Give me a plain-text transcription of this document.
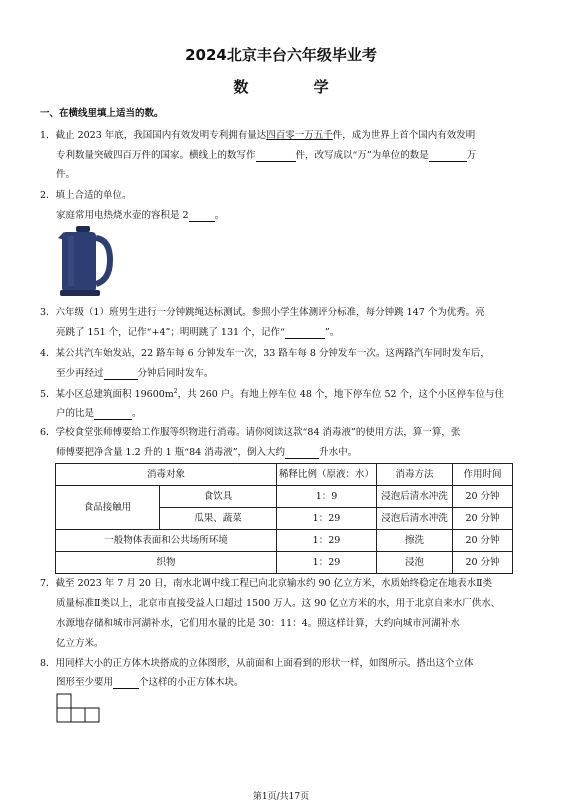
2024北京丰台六年级毕业考
数 学
一、在横线里填上适当的数。
1．截止 2023 年底，我国国内有效发明专利拥有量达四百零一万五千件，成为世界上首个国内有效发明
专利数量突破四百万件的国家。横线上的数写作	件，改写成以“万”为单位的数是	万
件。
2．填上合适的单位。
家庭常用电热烧水壶的容积是 2	。
3．六年级（1）班男生进行一分钟跳绳达标测试。参照小学生体测评分标准，每分钟跳 147 个为优秀。亮
亮跳了 151 个，记作“+4”；明明跳了 131 个，记作“	”。
4．某公共汽车始发站，22 路车每 6 分钟发车一次，33 路车每 8 分钟发车一次。这两路汽车同时发车后，
至少再经过	分钟后同时发车。
5．某小区总建筑面积 $19600m^2$，共 260 户。有地上停车位 48 个，地下停车位 52 个，这个小区停车位与住
户的比是	。
6．学校食堂张师傅要给工作服等织物进行消毒。请你阅读这款“84 消毒液”的使用方法，算一算，张
师傅要把净含量 1.2 升的 1 瓶“84 消毒液”，倒入大约	升水中。
消毒对象		稀释比例（原液：水）	消毒方法	作用时间
食品接触用	食饮具	1：9	浸泡后清水冲洗	20 分钟
	瓜果、蔬菜	1：29	浸泡后清水冲洗	20 分钟
一般物体表面和公共场所环境		1：29	擦洗	20 分钟
织物		1：29	浸泡	20 分钟
7．截至 2023 年 7 月 20 日，南水北调中线工程已向北京输水约 90 亿立方米，水质始终稳定在地表水Ⅱ类
质量标准Ⅱ类以上，北京市直接受益人口超过 1500 万人。这 90 亿立方米的水，用于北京自来水厂供水、
水源地存储和城市河湖补水，它们用水量的比是 30：11：4。照这样计算，大约向城市河湖补水
亿立方米。
8．用同样大小的正方体木块搭成的立体图形，从前面和上面看到的形状一样，如图所示。搭出这个立体
图形至少要用	个这样的小正方体木块。
第1页/共17页
